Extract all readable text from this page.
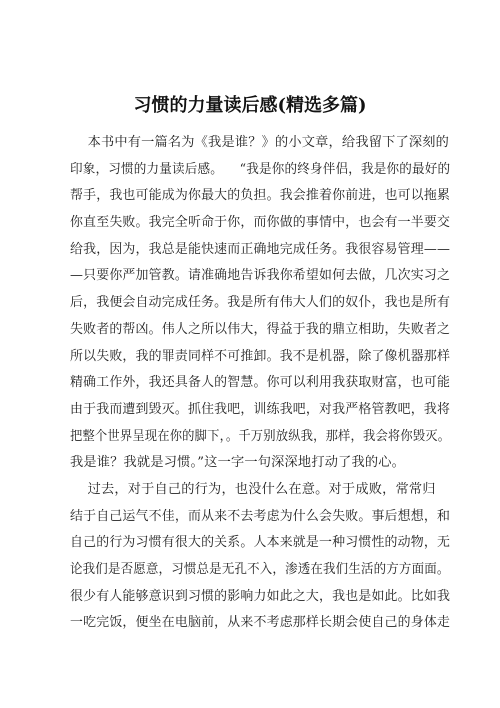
习惯的力量读后感(精选多篇)
本书中有一篇名为《我是谁？》的小文章，给我留下了深刻的
印象，习惯的力量读后感。    “我是你的终身伴侣，我是你的最好的
帮手，我也可能成为你最大的负担。我会推着你前进，也可以拖累
你直至失败。我完全听命于你，而你做的事情中，也会有一半要交
给我，因为，我总是能快速而正确地完成任务。我很容易管理——
—只要你严加管教。请准确地告诉我你希望如何去做，几次实习之
后，我便会自动完成任务。我是所有伟大人们的奴仆，我也是所有
失败者的帮凶。伟人之所以伟大，得益于我的鼎立相助，失败者之
所以失败，我的罪责同样不可推卸。我不是机器，除了像机器那样
精确工作外，我还具备人的智慧。你可以利用我获取财富，也可能
由于我而遭到毁灭。抓住我吧，训练我吧，对我严格管教吧，我将
把整个世界呈现在你的脚下，。千万别放纵我，那样，我会将你毁灭。
我是谁？我就是习惯。”这一字一句深深地打动了我的心。
过去，对于自己的行为，也没什么在意。对于成败，常常归
结于自己运气不佳，而从来不去考虑为什么会失败。事后想想，和
自己的行为习惯有很大的关系。人本来就是一种习惯性的动物，无
论我们是否愿意，习惯总是无孔不入，渗透在我们生活的方方面面。
很少有人能够意识到习惯的影响力如此之大，我也是如此。比如我
一吃完饭，便坐在电脑前，从来不考虑那样长期会使自己的身体走
